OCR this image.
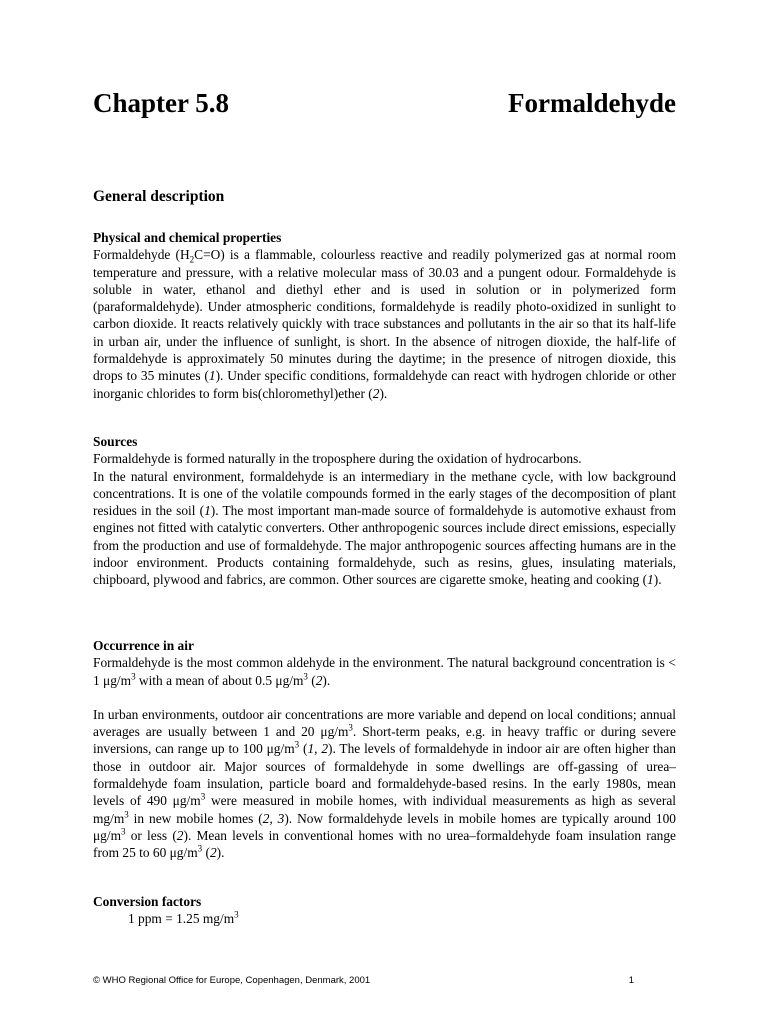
Chapter 5.8	Formaldehyde
General description
Physical and chemical properties

Formaldehyde $(H_2C=O)$ is a flammable, colourless reactive and readily polymerized gas at normal room temperature and pressure, with a relative molecular mass of 30.03 and a pungent odour. Formaldehyde is soluble in water, ethanol and diethyl ether and is used in solution or in polymerized form (paraformaldehyde). Under atmospheric conditions, formaldehyde is readily photo-oxidized in sunlight to carbon dioxide. It reacts relatively quickly with trace substances and pollutants in the air so that its half-life in urban air, under the influence of sunlight, is short. In the absence of nitrogen dioxide, the half-life of formaldehyde is approximately 50 minutes during the daytime; in the presence of nitrogen dioxide, this drops to 35 minutes (1). Under specific conditions, formaldehyde can react with hydrogen chloride or other inorganic chlorides to form bis(chloromethyl)ether (2).

Sources

Formaldehyde is formed naturally in the troposphere during the oxidation of hydrocarbons.

In the natural environment, formaldehyde is an intermediary in the methane cycle, with low background concentrations. It is one of the volatile compounds formed in the early stages of the decomposition of plant residues in the soil (1). The most important man-made source of formaldehyde is automotive exhaust from engines not fitted with catalytic converters. Other anthropogenic sources include direct emissions, especially from the production and use of formaldehyde. The major anthropogenic sources affecting humans are in the indoor environment. Products containing formaldehyde, such as resins, glues, insulating materials, chipboard, plywood and fabrics, are common. Other sources are cigarette smoke, heating and cooking (1).

Occurrence in air

Formaldehyde is the most common aldehyde in the environment. The natural background concentration is < 1 $\mu g/m^3$ with a mean of about 0.5 $\mu g/m^3$ (2).

In urban environments, outdoor air concentrations are more variable and depend on local conditions; annual averages are usually between 1 and 20 $\mu g/m^3$. Short-term peaks, e.g. in heavy traffic or during severe inversions, can range up to 100 $\mu g/m^3$ (1, 2). The levels of formaldehyde in indoor air are often higher than those in outdoor air. Major sources of formaldehyde in some dwellings are off-gassing of urea–formaldehyde foam insulation, particle board and formaldehyde-based resins. In the early 1980s, mean levels of 490 $\mu g/m^3$ were measured in mobile homes, with individual measurements as high as several $mg/m^3$ in new mobile homes (2, 3). Now formaldehyde levels in mobile homes are typically around 100 $\mu g/m^3$ or less (2). Mean levels in conventional homes with no urea–formaldehyde foam insulation range from 25 to 60 $\mu g/m^3$ (2).

Conversion factors
1 ppm = 1.25 $mg/m^3$
© WHO Regional Office for Europe, Copenhagen, Denmark, 2001	1
